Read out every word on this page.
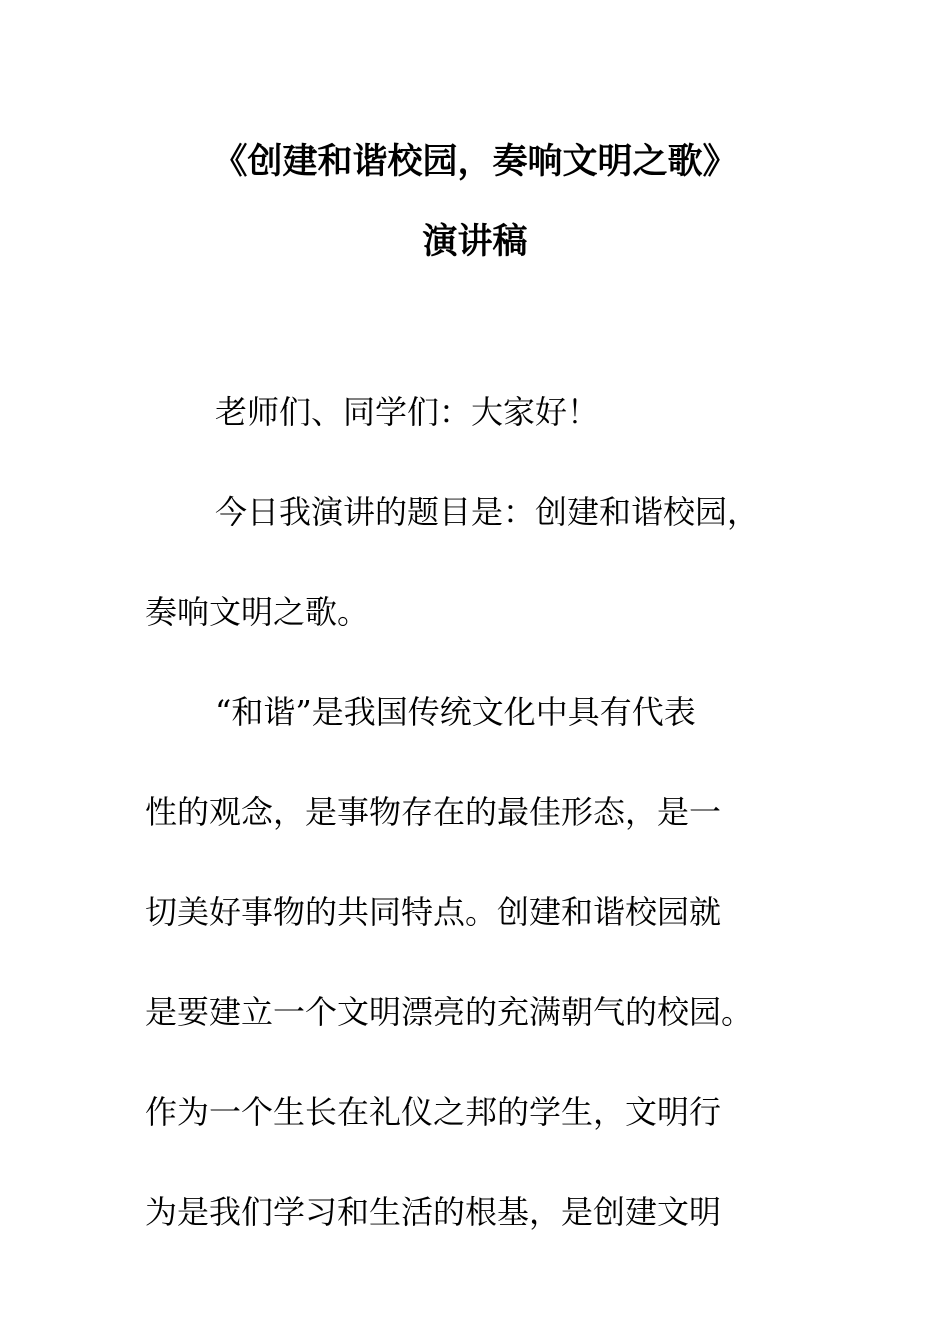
《创建和谐校园，奏响文明之歌》
演讲稿
老师们、同学们：大家好！
今日我演讲的题目是：创建和谐校园，
奏响文明之歌。
“和谐”是我国传统文化中具有代表
性的观念，是事物存在的最佳形态，是一
切美好事物的共同特点。创建和谐校园就
是要建立一个文明漂亮的充满朝气的校园。
作为一个生长在礼仪之邦的学生，文明行
为是我们学习和生活的根基，是创建文明
